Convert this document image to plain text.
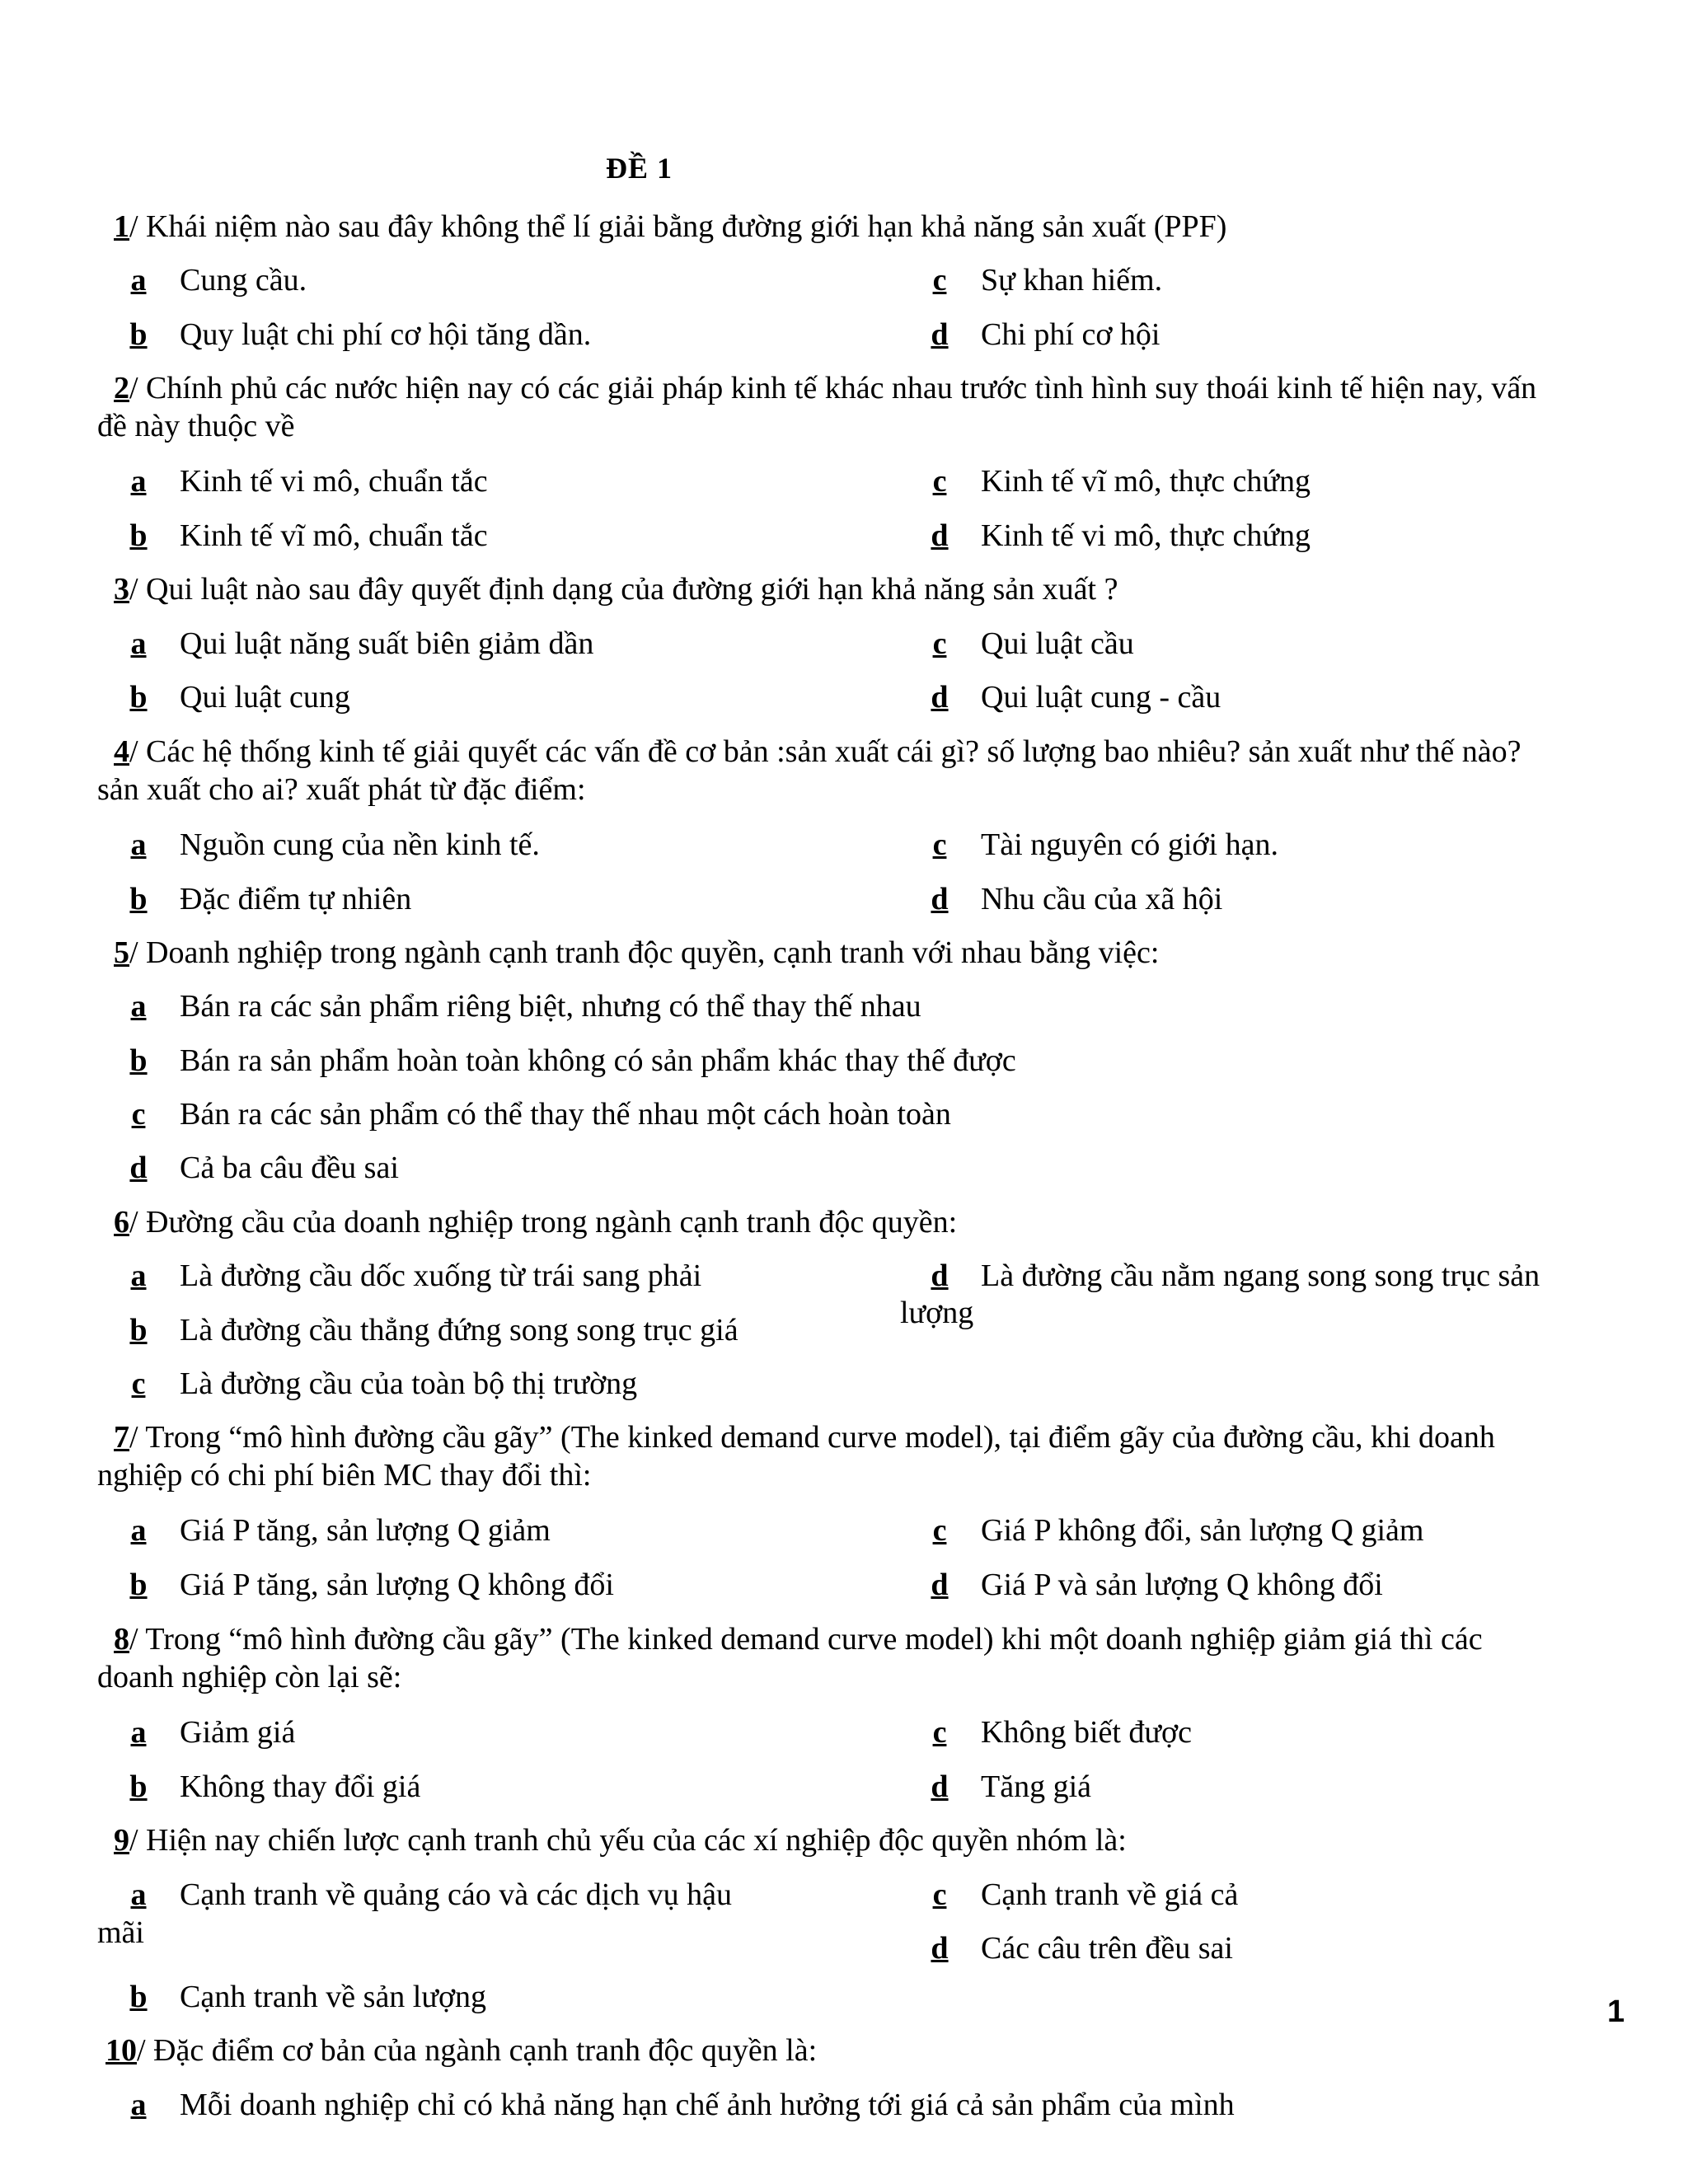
ĐỀ 1
1/ Khái niệm nào sau đây không thể lí giải bằng đường giới hạn khả năng sản xuất (PPF)
a Cung cầu.	c	Sự khan hiếm.
b Quy luật chi phí cơ hội tăng dần.	d Chi phí cơ hội
2/ Chính phủ các nước hiện nay có các giải pháp kinh tế khác nhau trước tình hình suy thoái kinh tế hiện nay, vấn
đề này thuộc về
a Kinh tế vi mô, chuẩn tắc	c	Kinh tế vĩ mô, thực chứng
b Kinh tế vĩ mô, chuẩn tắc	d Kinh tế vi mô, thực chứng
3/ Qui luật nào sau đây quyết định dạng của đường giới hạn khả năng sản xuất ?
a Qui luật năng suất biên giảm dần	c	Qui luật cầu
b Qui luật cung	d Qui luật cung - cầu
4/ Các hệ thống kinh tế giải quyết các vấn đề cơ bản :sản xuất cái gì? số lượng bao nhiêu? sản xuất như thế nào?
sản xuất cho ai? xuất phát từ đặc điểm:
a Nguồn cung của nền kinh tế.	c	Tài nguyên có giới hạn.
b Đặc điểm tự nhiên	d Nhu cầu của xã hội
5/ Doanh nghiệp trong ngành cạnh tranh độc quyền, cạnh tranh với nhau bằng việc:
a Bán ra các sản phẩm riêng biệt, nhưng có thể thay thế nhau
b Bán ra sản phẩm hoàn toàn không có sản phẩm khác thay thế được
c	Bán ra các sản phẩm có thể thay thế nhau một cách hoàn toàn
d Cả ba câu đều sai
6/ Đường cầu của doanh nghiệp trong ngành cạnh tranh độc quyền:
a Là đường cầu dốc xuống từ trái sang phải	d Là đường cầu nằm ngang song song trục sản
lượng
b Là đường cầu thẳng đứng song song trục giá
c	Là đường cầu của toàn bộ thị trường
7/ Trong “mô hình đường cầu gãy” (The kinked demand curve model), tại điểm gãy của đường cầu, khi doanh
nghiệp có chi phí biên MC thay đổi thì:
a Giá P tăng, sản lượng Q giảm	c	Giá P không đổi, sản lượng Q giảm
b Giá P tăng, sản lượng Q không đổi	d Giá P và sản lượng Q không đổi
8/ Trong “mô hình đường cầu gãy” (The kinked demand curve model) khi một doanh nghiệp giảm giá thì các
doanh nghiệp còn lại sẽ:
a Giảm giá	c	Không biết được
b Không thay đổi giá	d Tăng giá
9/ Hiện nay chiến lược cạnh tranh chủ yếu của các xí nghiệp độc quyền nhóm là:
a Cạnh tranh về quảng cáo và các dịch vụ hậu
mãi
c	Cạnh tranh về giá cả
d Các câu trên đều sai
b Cạnh tranh về sản lượng
10/ Đặc điểm cơ bản của ngành cạnh tranh độc quyền là:
a Mỗi doanh nghiệp chỉ có khả năng hạn chế ảnh hưởng tới giá cả sản phẩm của mình
1
